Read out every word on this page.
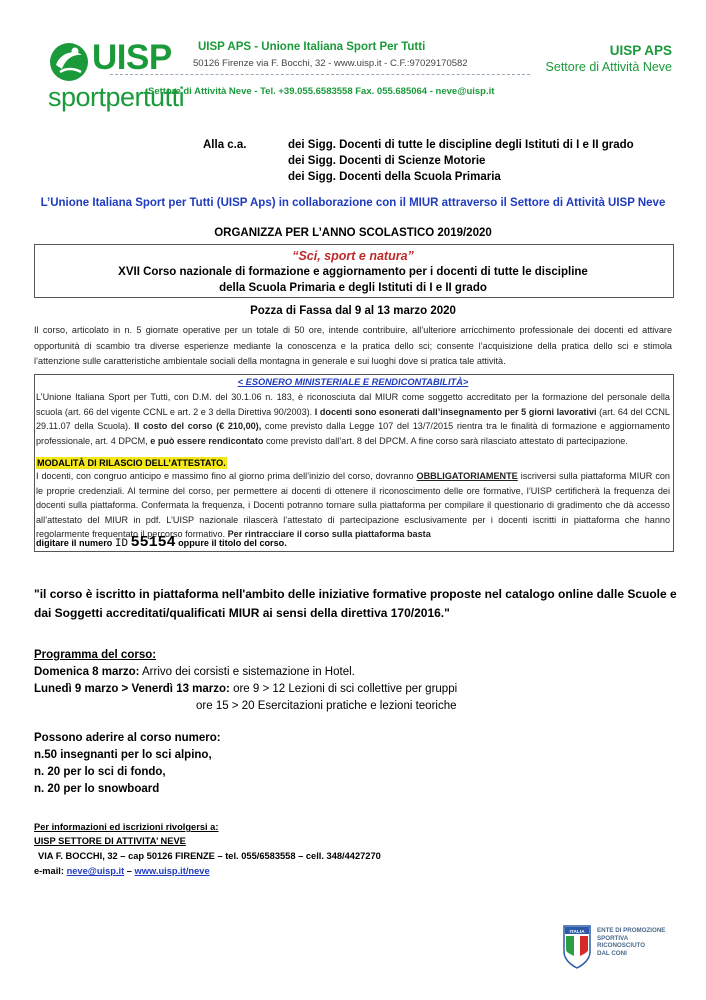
UISP
sportpertutti
UISP APS - Unione Italiana Sport Per Tutti
50126 Firenze via F. Bocchi, 32 - www.uisp.it - C.F.:97029170582
Settore di Attività Neve - Tel. +39.055.6583558 Fax. 055.685064 - neve@uisp.it
UISP APS
Settore di Attività Neve
Alla c.a.	dei Sigg. Docenti di tutte le discipline degli Istituti di I e II grado
dei Sigg. Docenti di Scienze Motorie
dei Sigg. Docenti della Scuola Primaria
L’Unione Italiana Sport per Tutti (UISP Aps) in collaborazione con il MIUR attraverso il Settore di Attività UISP Neve
ORGANIZZA PER L’ANNO SCOLASTICO 2019/2020
“Sci, sport e natura”
XVII Corso nazionale di formazione e aggiornamento per i docenti di tutte le discipline
della Scuola Primaria e degli Istituti di I e II grado
Pozza di Fassa dal 9 al 13 marzo 2020
Il corso, articolato in n. 5 giornate operative per un totale di 50 ore, intende contribuire, all’ulteriore arricchimento professionale dei docenti ed attivare opportunità di scambio tra diverse esperienze mediante la conoscenza e la pratica dello sci; consente l’acquisizione della pratica dello sci e stimola l’attenzione sulle caratteristiche ambientale sociali della montagna in generale e sui luoghi dove si pratica tale attività.
< ESONERO MINISTERIALE E RENDICONTABILITÀ>
L’Unione Italiana Sport per Tutti, con D.M. del 30.1.06 n. 183, è riconosciuta dal MIUR come soggetto accreditato per la formazione del personale della scuola (art. 66 del vigente CCNL e art. 2 e 3 della Direttiva 90/2003). I docenti sono esonerati dall’insegnamento per 5 giorni lavorativi (art. 64 del CCNL 29.11.07 della Scuola). Il costo del corso (€ 210,00), come previsto dalla Legge 107 del 13/7/2015 rientra tra le finalità di formazione e aggiornamento professionale, art. 4 DPCM, e può essere rendicontato come previsto dall’art. 8 del DPCM. A fine corso sarà rilasciato attestato di partecipazione.
MODALITÀ DI RILASCIO DELL’ATTESTATO.
I docenti, con congruo anticipo e massimo fino al giorno prima dell’inizio del corso, dovranno OBBLIGATORIAMENTE iscriversi sulla piattaforma MIUR con le proprie credenziali. Al termine del corso, per permettere ai docenti di ottenere il riconoscimento delle ore formative, l’UISP certificherà la frequenza dei docenti sulla piattaforma. Confermata la frequenza, i Docenti potranno tornare sulla piattaforma per compilare il questionario di gradimento che dà accesso all’attestato del MIUR in pdf. L’UISP nazionale rilascerà l’attestato di partecipazione esclusivamente per i docenti iscritti in piattaforma che hanno regolarmente frequentato il percorso formativo. Per rintracciare il corso sulla piattaforma basta
digitare il numero ID 55154 oppure il titolo del corso.
"il corso è iscritto in piattaforma nell'ambito delle iniziative formative proposte nel catalogo online dalle Scuole e dai Soggetti accreditati/qualificati MIUR ai sensi della direttiva 170/2016."
Programma del corso:
Domenica 8 marzo: Arrivo dei corsisti e sistemazione in Hotel.
Lunedì 9 marzo > Venerdì 13 marzo: ore 9 > 12 Lezioni di sci collettive per gruppi
ore 15 > 20 Esercitazioni pratiche e lezioni teoriche
Possono aderire al corso numero:
n.50 insegnanti per lo sci alpino,
n. 20 per lo sci di fondo,
n. 20 per lo snowboard
Per informazioni ed iscrizioni rivolgersi a:
UISP SETTORE DI ATTIVITA’ NEVE
VIA F. BOCCHI, 32 – cap 50126 FIRENZE – tel. 055/6583558 – cell. 348/4427270
e-mail: neve@uisp.it – www.uisp.it/neve
ITALIA ENTE DI PROMOZIONE
SPORTIVA
RICONOSCIUTO
DAL CONI
